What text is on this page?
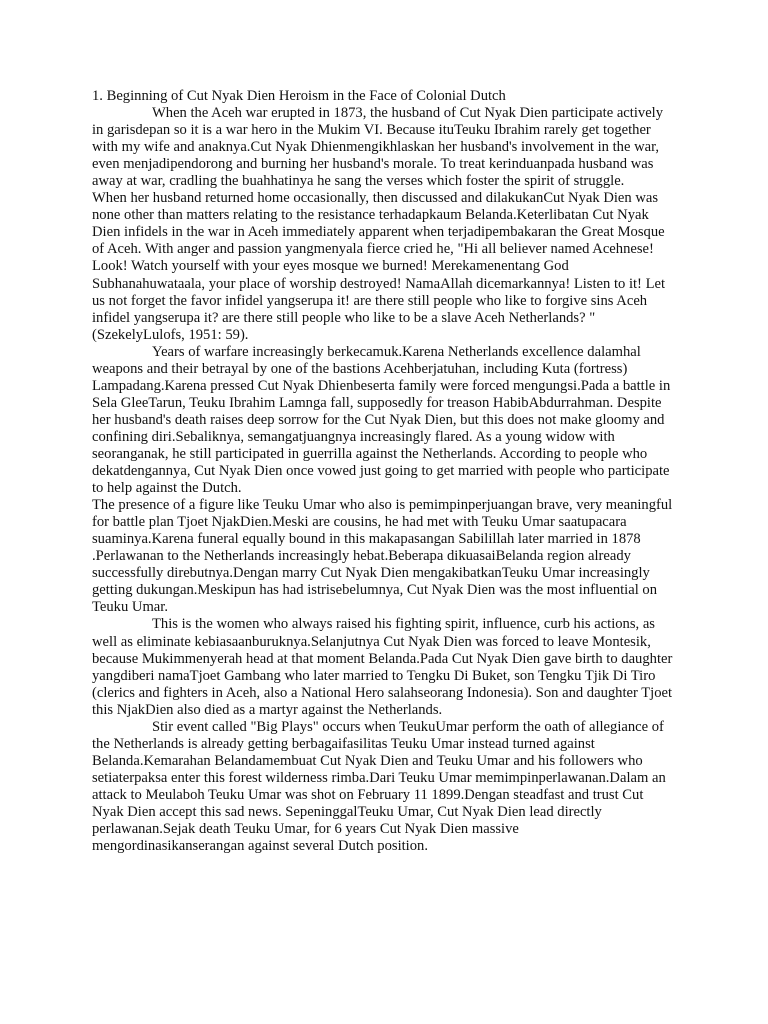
1. Beginning of Cut Nyak Dien Heroism in the Face of Colonial Dutch

When the Aceh war erupted in 1873, the husband of Cut Nyak Dien participate actively in garisdepan so it is a war hero in the Mukim VI. Because ituTeuku Ibrahim rarely get together with my wife and anaknya.Cut Nyak Dhienmengikhlaskan her husband's involvement in the war, even menjadipendorong and burning her husband's morale. To treat kerinduanpada husband was away at war, cradling the buahhatinya he sang the verses which foster the spirit of struggle.

When her husband returned home occasionally, then discussed and dilakukanCut Nyak Dien was none other than matters relating to the resistance terhadapkaum Belanda.Keterlibatan Cut Nyak Dien infidels in the war in Aceh immediately apparent when terjadipembakaran the Great Mosque of Aceh. With anger and passion yangmenyala fierce cried he, "Hi all believer named Acehnese! Look! Watch yourself with your eyes mosque we burned! Merekamenentang God Subhanahuwataala, your place of worship destroyed! NamaAllah dicemarkannya! Listen to it! Let us not forget the favor infidel yangserupa it! are there still people who like to forgive sins Aceh infidel yangserupa it? are there still people who like to be a slave Aceh Netherlands? "(SzekelyLulofs, 1951: 59).

Years of warfare increasingly berkecamuk.Karena Netherlands excellence dalamhal weapons and their betrayal by one of the bastions Acehberjatuhan, including Kuta (fortress) Lampadang.Karena pressed Cut Nyak Dhienbeserta family were forced mengungsi.Pada a battle in Sela GleeTarun, Teuku Ibrahim Lamnga fall, supposedly for treason HabibAbdurrahman. Despite her husband's death raises deep sorrow for the Cut Nyak Dien, but this does not make gloomy and confining diri.Sebaliknya, semangatjuangnya increasingly flared. As a young widow with seoranganak, he still participated in guerrilla against the Netherlands. According to people who dekatdengannya, Cut Nyak Dien once vowed just going to get married with people who participate to help against the Dutch.

The presence of a figure like Teuku Umar who also is pemimpinperjuangan brave, very meaningful for battle plan Tjoet NjakDien.Meski are cousins, he had met with Teuku Umar saatupacara suaminya.Karena funeral equally bound in this makapasangan Sabilillah later married in 1878 .Perlawanan to the Netherlands increasingly hebat.Beberapa dikuasaiBelanda region already successfully direbutnya.Dengan marry Cut Nyak Dien mengakibatkanTeuku Umar increasingly getting dukungan.Meskipun has had istrisebelumnya, Cut Nyak Dien was the most influential on Teuku Umar.

This is the women who always raised his fighting spirit, influence, curb his actions, as well as eliminate kebiasaanburuknya.Selanjutnya Cut Nyak Dien was forced to leave Montesik, because Mukimmenyerah head at that moment Belanda.Pada Cut Nyak Dien gave birth to daughter yangdiberi namaTjoet Gambang who later married to Tengku Di Buket, son Tengku Tjik Di Tiro (clerics and fighters in Aceh, also a National Hero salahseorang Indonesia). Son and daughter Tjoet this NjakDien also died as a martyr against the Netherlands.

Stir event called "Big Plays" occurs when TeukuUmar perform the oath of allegiance of the Netherlands is already getting berbagaifasilitas Teuku Umar instead turned against Belanda.Kemarahan Belandamembuat Cut Nyak Dien and Teuku Umar and his followers who setiaterpaksa enter this forest wilderness rimba.Dari Teuku Umar memimpinperlawanan.Dalam an attack to Meulaboh Teuku Umar was shot on February 11 1899.Dengan steadfast and trust Cut Nyak Dien accept this sad news. SepeninggalTeuku Umar, Cut Nyak Dien lead directly perlawanan.Sejak death Teuku Umar, for 6 years Cut Nyak Dien massive mengordinasikanserangan against several Dutch position.
